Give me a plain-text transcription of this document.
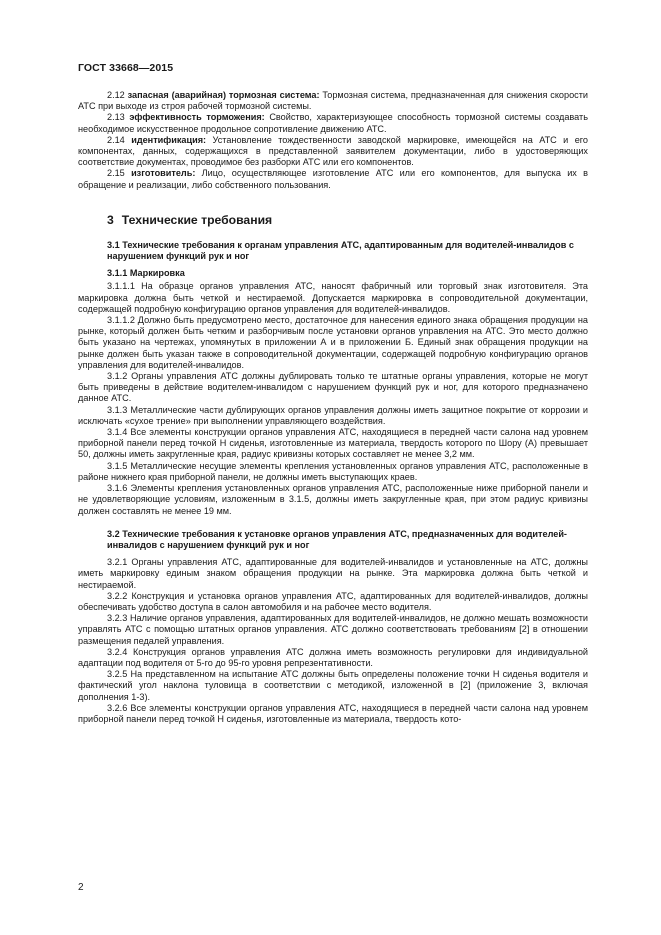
ГОСТ 33668—2015

2.12 запасная (аварийная) тормозная система: Тормозная система, предназначенная для снижения скорости АТС при выходе из строя рабочей тормозной системы.

2.13 эффективность торможения: Свойство, характеризующее способность тормозной системы создавать необходимое искусственное продольное сопротивление движению АТС.

2.14 идентификация: Установление тождественности заводской маркировке, имеющейся на АТС и его компонентах, данных, содержащихся в представленной заявителем документации, либо в удостоверяющих соответствие документах, проводимое без разборки АТС или его компонентов.

2.15 изготовитель: Лицо, осуществляющее изготовление АТС или его компонентов, для выпуска их в обращение и реализации, либо собственного пользования.

3 Технические требования
3.1 Технические требования к органам управления АТС, адаптированным для водителей-инвалидов с нарушением функций рук и ног
3.1.1 Маркировка

3.1.1.1 На образце органов управления АТС, наносят фабричный или торговый знак изготовителя. Эта маркировка должна быть четкой и нестираемой. Допускается маркировка в сопроводительной документации, содержащей подробную конфигурацию органов управления для водителей-инвалидов.

3.1.1.2 Должно быть предусмотрено место, достаточное для нанесения единого знака обращения продукции на рынке, который должен быть четким и разборчивым после установки органов управления на АТС. Это место должно быть указано на чертежах, упомянутых в приложении А и в приложении Б. Единый знак обращения продукции на рынке должен быть указан также в сопроводительной документации, содержащей подробную конфигурацию органов управления для водителей-инвалидов.

3.1.2 Органы управления АТС должны дублировать только те штатные органы управления, которые не могут быть приведены в действие водителем-инвалидом с нарушением функций рук и ног, для которого предназначено данное АТС.

3.1.3 Металлические части дублирующих органов управления должны иметь защитное покрытие от коррозии и исключать «сухое трение» при выполнении управляющего воздействия.

3.1.4 Все элементы конструкции органов управления АТС, находящиеся в передней части салона над уровнем приборной панели перед точкой Н сиденья, изготовленные из материала, твердость которого по Шору (А) превышает 50, должны иметь закругленные края, радиус кривизны которых составляет не менее 3,2 мм.

3.1.5 Металлические несущие элементы крепления установленных органов управления АТС, расположенные в районе нижнего края приборной панели, не должны иметь выступающих краев.

3.1.6 Элементы крепления установленных органов управления АТС, расположенные ниже приборной панели и не удовлетворяющие условиям, изложенным в 3.1.5, должны иметь закругленные края, при этом радиус кривизны должен составлять не менее 19 мм.

3.2 Технические требования к установке органов управления АТС, предназначенных для водителей-инвалидов с нарушением функций рук и ног

3.2.1 Органы управления АТС, адаптированные для водителей-инвалидов и установленные на АТС, должны иметь маркировку единым знаком обращения продукции на рынке. Эта маркировка должна быть четкой и нестираемой.

3.2.2 Конструкция и установка органов управления АТС, адаптированных для водителей-инвалидов, должны обеспечивать удобство доступа в салон автомобиля и на рабочее место водителя.

3.2.3 Наличие органов управления, адаптированных для водителей-инвалидов, не должно мешать возможности управлять АТС с помощью штатных органов управления. АТС должно соответствовать требованиям [2] в отношении размещения педалей управления.

3.2.4 Конструкция органов управления АТС должна иметь возможность регулировки для индивидуальной адаптации под водителя от 5-го до 95-го уровня репрезентативности.

3.2.5 На представленном на испытание АТС должны быть определены положение точки Н сиденья водителя и фактический угол наклона туловища в соответствии с методикой, изложенной в [2] (приложение 3, включая дополнения 1-3).

3.2.6 Все элементы конструкции органов управления АТС, находящиеся в передней части салона над уровнем приборной панели перед точкой Н сиденья, изготовленные из материала, твердость кото-

2
